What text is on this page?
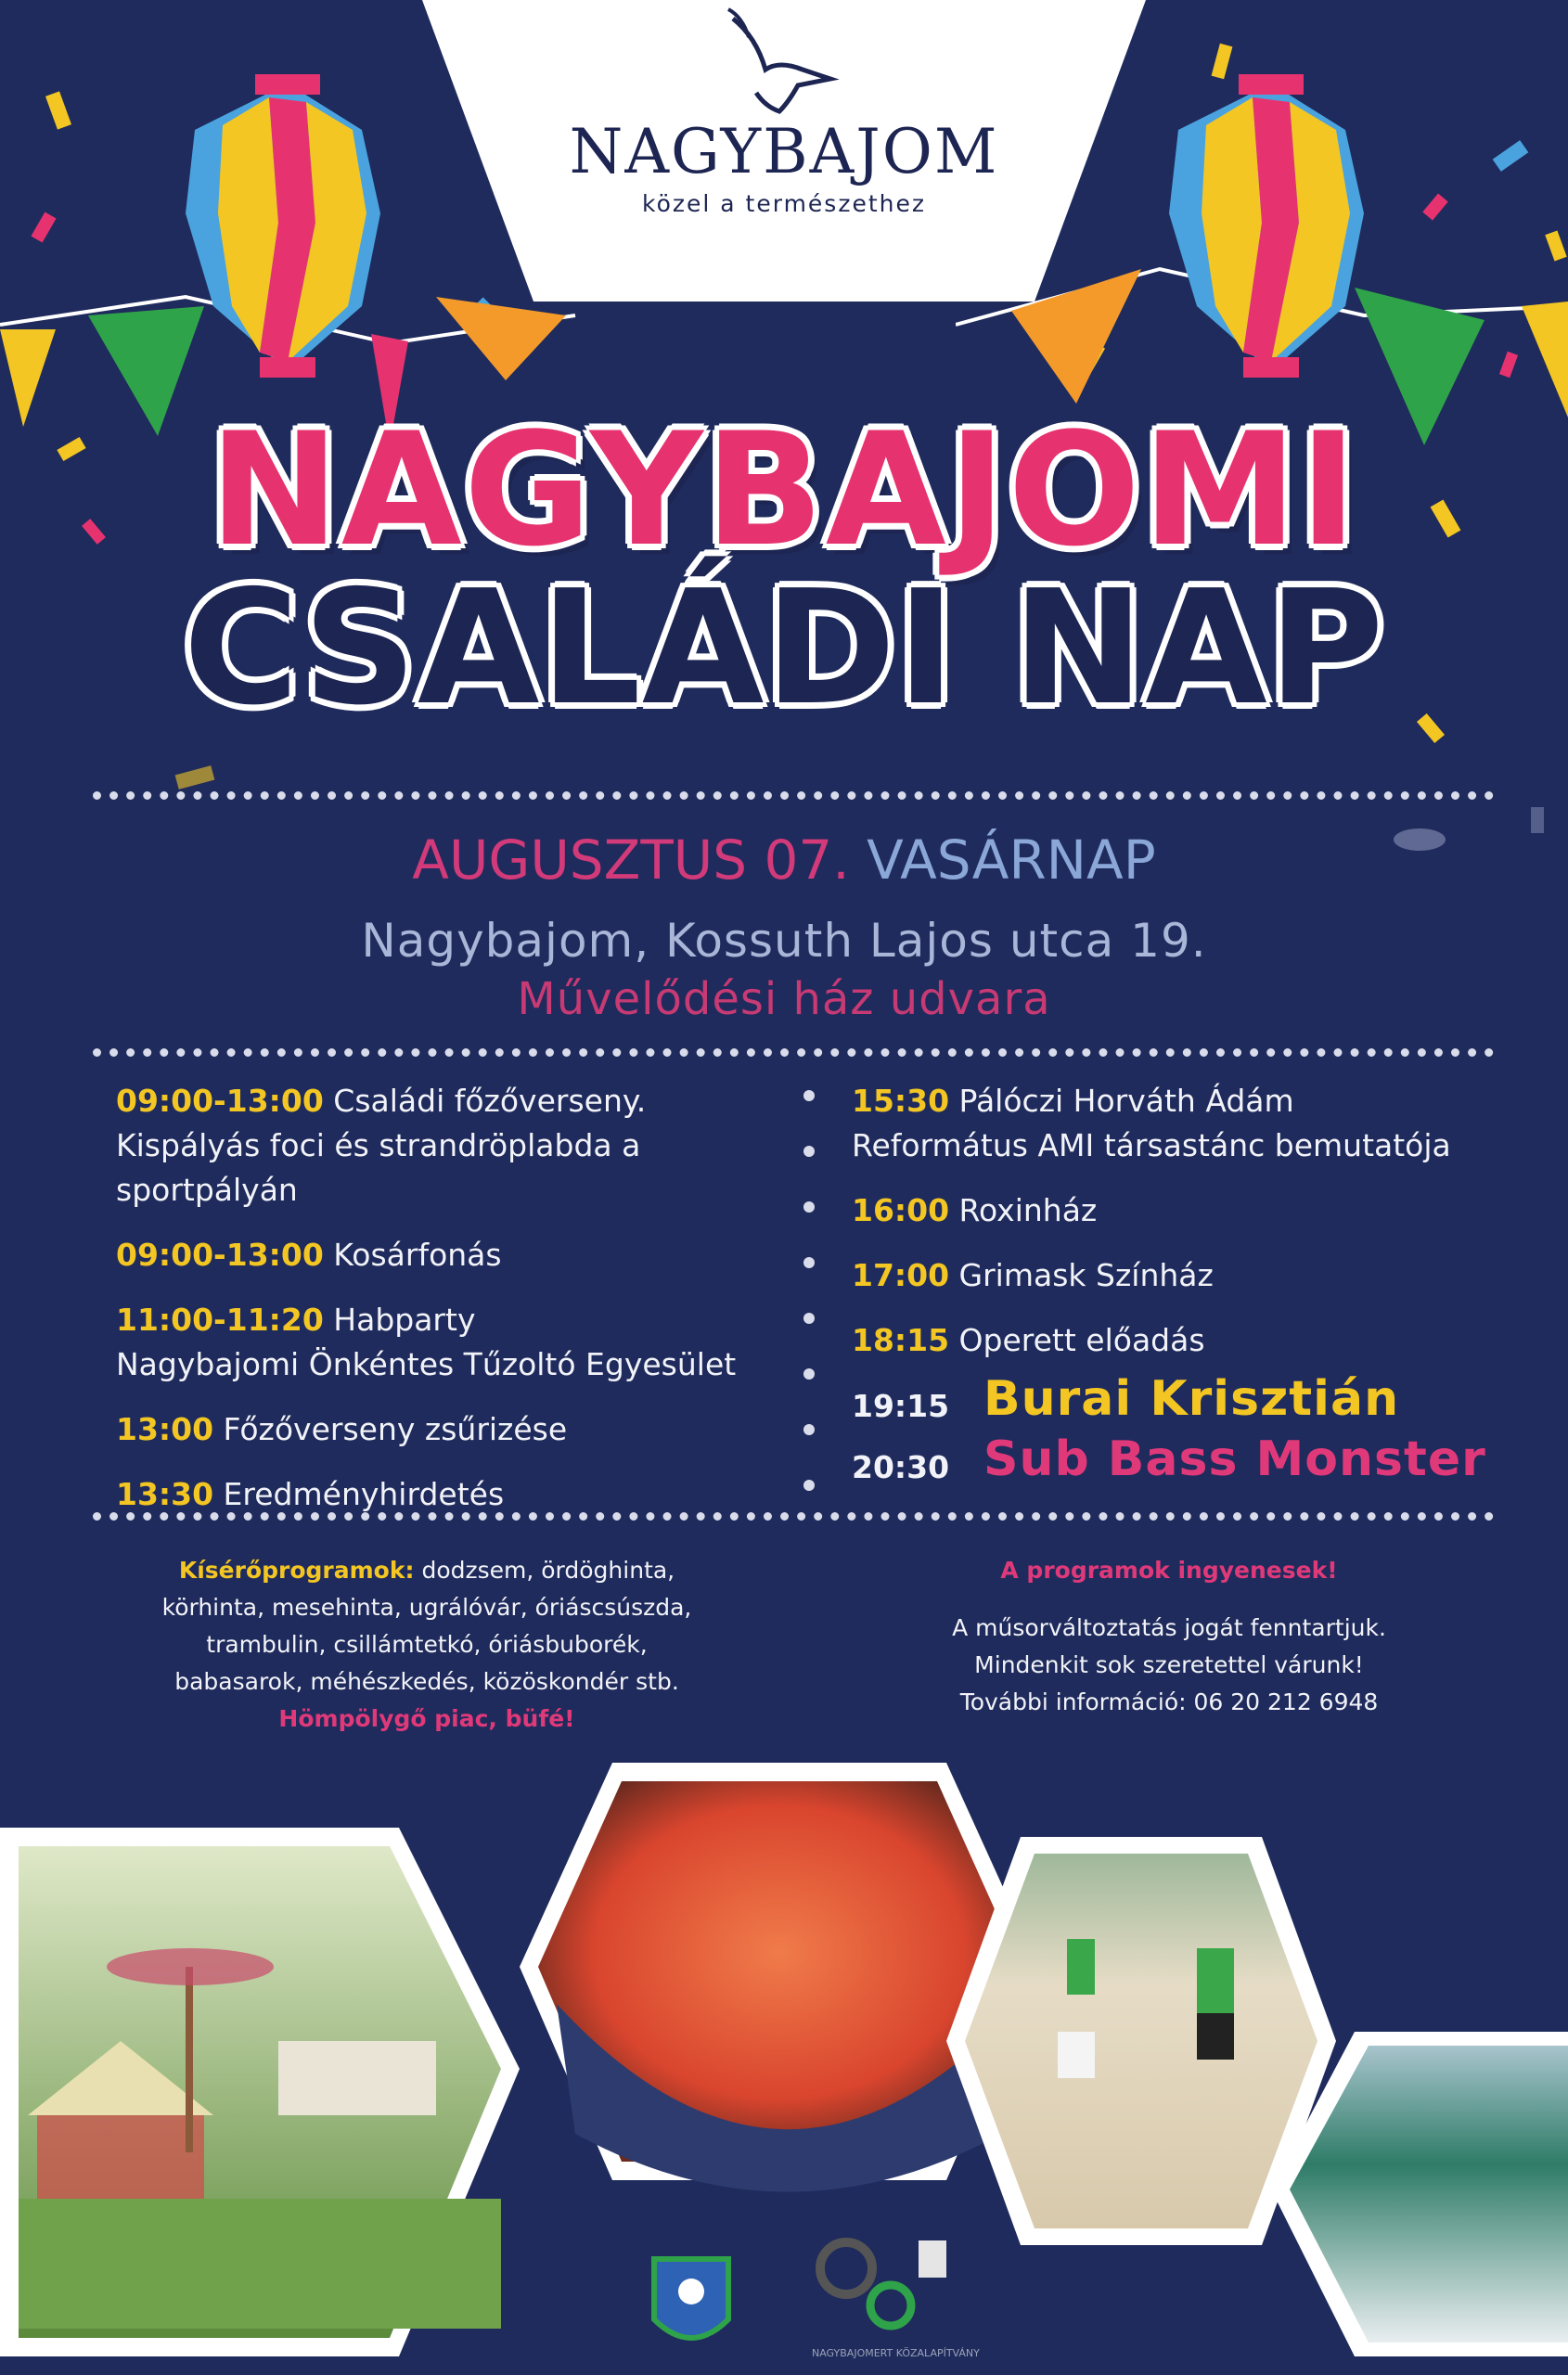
NAGYBAJOM
közel a természethez
NAGYBAJOMI
CSALÁDI NAP
AUGUSZTUS 07. VASÁRNAP
Nagybajom, Kossuth Lajos utca 19.
Művelődési ház udvara
09:00-13:00 Családi főzőverseny.
Kispályás foci és strandröplabda a
sportpályán
09:00-13:00 Kosárfonás
11:00-11:20 Habparty
Nagybajomi Önkéntes Tűzoltó Egyesület
13:00 Főzőverseny zsűrizése
13:30 Eredményhirdetés
15:30 Pálóczi Horváth Ádám
Református AMI társastánc bemutatója
16:00 Roxinház
17:00 Grimask Színház
18:15 Operett előadás
19:15 Burai Krisztián
20:30 Sub Bass Monster
Kísérőprogramok: dodzsem, ördöghinta,
körhinta, mesehinta, ugrálóvár, óriáscsúszda,
trambulin, csillámtetkó, óriásbuborék,
babasarok, méhészkedés, közöskondér stb.
Hömpölygő piac, büfé!
A programok ingyenesek!

A műsorváltoztatás jogát fenntartjuk.
Mindenkit sok szeretettel várunk!
További információ: 06 20 212 6948
NAGYBAJOMERT KÖZALAPÍTVÁNY
